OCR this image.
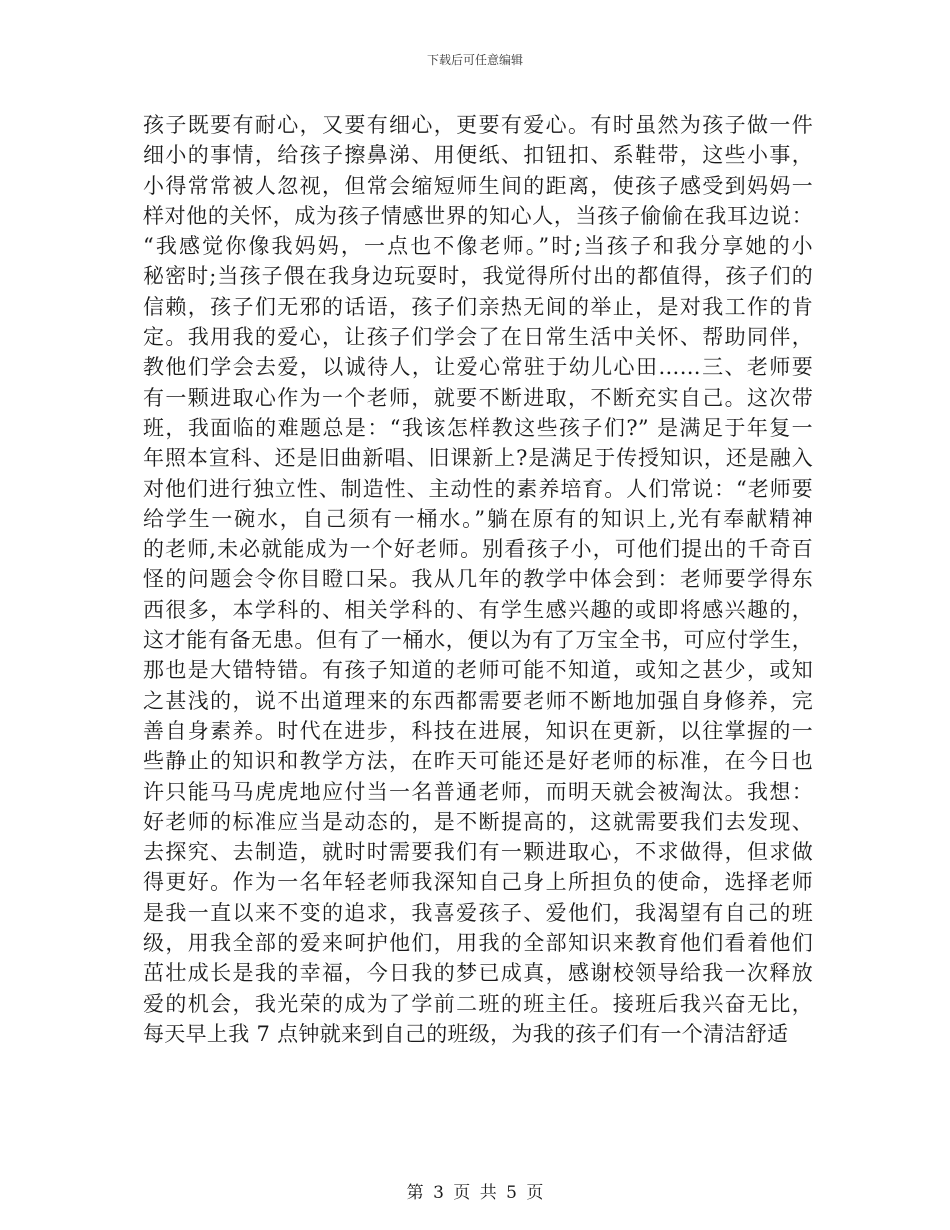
下载后可任意编辑
孩子既要有耐心，又要有细心，更要有爱心。有时虽然为孩子做一件
细小的事情，给孩子擦鼻涕、用便纸、扣钮扣、系鞋带，这些小事，
小得常常被人忽视，但常会缩短师生间的距离，使孩子感受到妈妈一
样对他的关怀，成为孩子情感世界的知心人，当孩子偷偷在我耳边说：
“我感觉你像我妈妈，一点也不像老师。”时;当孩子和我分享她的小
秘密时;当孩子偎在我身边玩耍时，我觉得所付出的都值得，孩子们的
信赖，孩子们无邪的话语，孩子们亲热无间的举止，是对我工作的肯
定。我用我的爱心，让孩子们学会了在日常生活中关怀、帮助同伴，
教他们学会去爱，以诚待人，让爱心常驻于幼儿心田……三、老师要
有一颗进取心作为一个老师，就要不断进取，不断充实自己。这次带
班，我面临的难题总是：“我该怎样教这些孩子们?” 是满足于年复一
年照本宣科、还是旧曲新唱、旧课新上?是满足于传授知识，还是融入
对他们进行独立性、制造性、主动性的素养培育。人们常说：“老师要
给学生一碗水，自己须有一桶水。”躺在原有的知识上,光有奉献精神
的老师,未必就能成为一个好老师。别看孩子小，可他们提出的千奇百
怪的问题会令你目瞪口呆。我从几年的教学中体会到：老师要学得东
西很多，本学科的、相关学科的、有学生感兴趣的或即将感兴趣的，
这才能有备无患。但有了一桶水，便以为有了万宝全书，可应付学生，
那也是大错特错。有孩子知道的老师可能不知道，或知之甚少，或知
之甚浅的，说不出道理来的东西都需要老师不断地加强自身修养，完
善自身素养。时代在进步，科技在进展，知识在更新，以往掌握的一
些静止的知识和教学方法，在昨天可能还是好老师的标准，在今日也
许只能马马虎虎地应付当一名普通老师，而明天就会被淘汰。我想：
好老师的标准应当是动态的，是不断提高的，这就需要我们去发现、
去探究、去制造，就时时需要我们有一颗进取心，不求做得，但求做
得更好。作为一名年轻老师我深知自己身上所担负的使命，选择老师
是我一直以来不变的追求，我喜爱孩子、爱他们，我渴望有自己的班
级，用我全部的爱来呵护他们，用我的全部知识来教育他们看着他们
茁壮成长是我的幸福，今日我的梦已成真，感谢校领导给我一次释放
爱的机会，我光荣的成为了学前二班的班主任。接班后我兴奋无比，
每天早上我 7 点钟就来到自己的班级，为我的孩子们有一个清洁舒适
第 3 页 共 5 页
